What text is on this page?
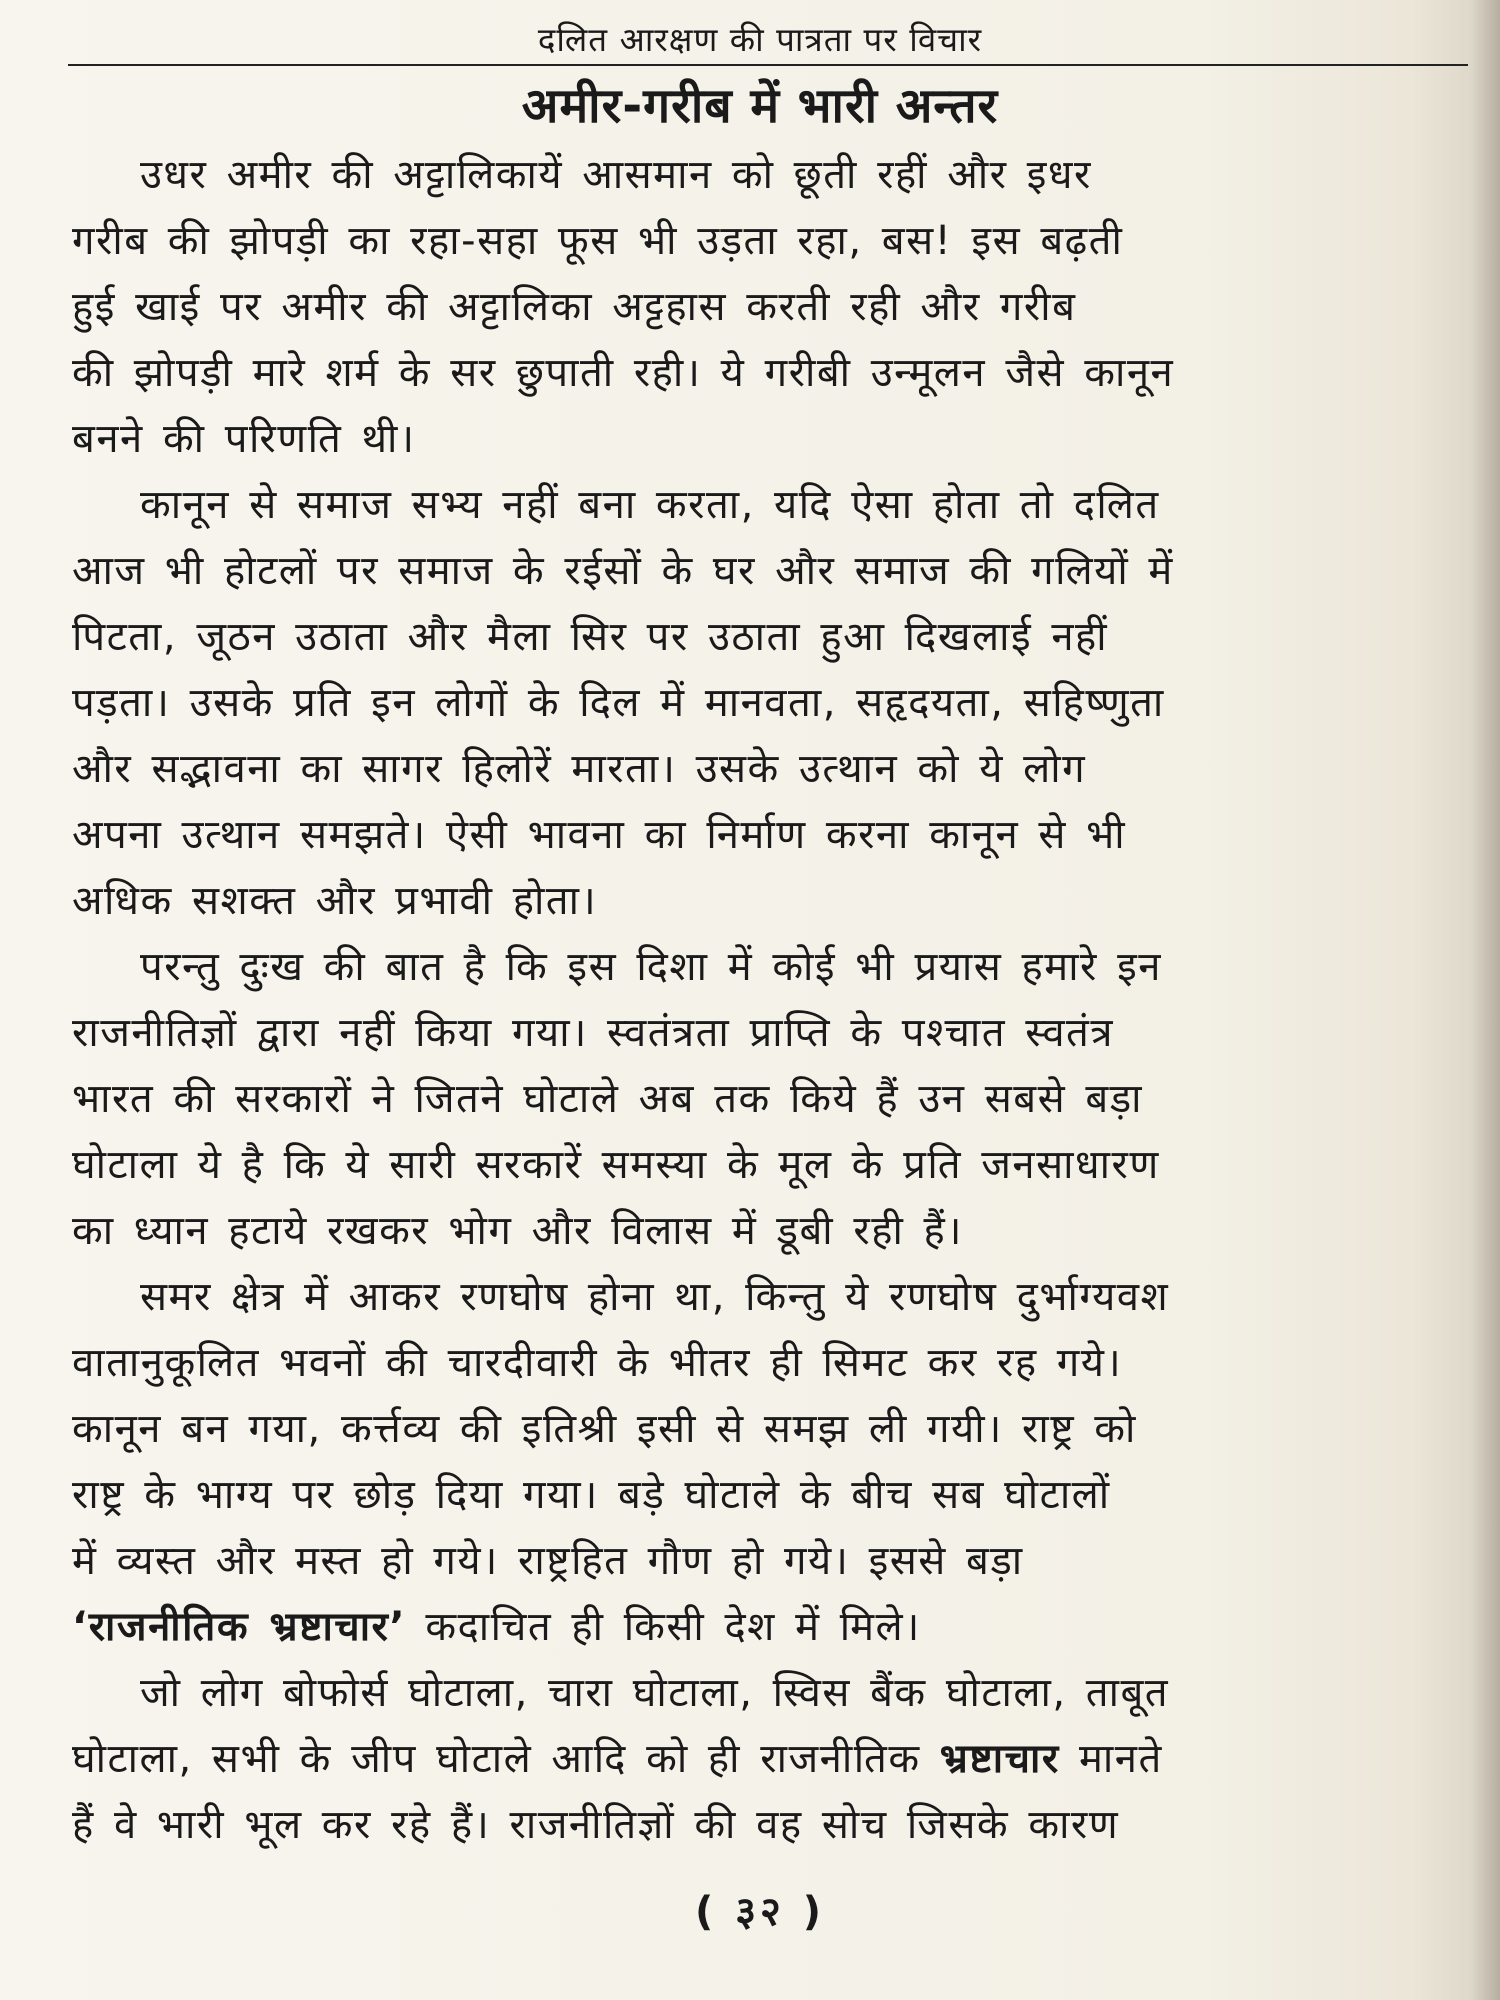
दलित आरक्षण की पात्रता पर विचार
अमीर-गरीब में भारी अन्तर
उधर अमीर की अट्टालिकायें आसमान को छूती रहीं और इधर
गरीब की झोपड़ी का रहा-सहा फूस भी उड़ता रहा, बस! इस बढ़ती
हुई खाई पर अमीर की अट्टालिका अट्टहास करती रही और गरीब
की झोपड़ी मारे शर्म के सर छुपाती रही। ये गरीबी उन्मूलन जैसे कानून
बनने की परिणति थी।
कानून से समाज सभ्य नहीं बना करता, यदि ऐसा होता तो दलित
आज भी होटलों पर समाज के रईसों के घर और समाज की गलियों में
पिटता, जूठन उठाता और मैला सिर पर उठाता हुआ दिखलाई नहीं
पड़ता। उसके प्रति इन लोगों के दिल में मानवता, सहृदयता, सहिष्णुता
और सद्भावना का सागर हिलोरें मारता। उसके उत्थान को ये लोग
अपना उत्थान समझते। ऐसी भावना का निर्माण करना कानून से भी
अधिक सशक्त और प्रभावी होता।
परन्तु दुःख की बात है कि इस दिशा में कोई भी प्रयास हमारे इन
राजनीतिज्ञों द्वारा नहीं किया गया। स्वतंत्रता प्राप्ति के पश्चात स्वतंत्र
भारत की सरकारों ने जितने घोटाले अब तक किये हैं उन सबसे बड़ा
घोटाला ये है कि ये सारी सरकारें समस्या के मूल के प्रति जनसाधारण
का ध्यान हटाये रखकर भोग और विलास में डूबी रही हैं।
समर क्षेत्र में आकर रणघोष होना था, किन्तु ये रणघोष दुर्भाग्यवश
वातानुकूलित भवनों की चारदीवारी के भीतर ही सिमट कर रह गये।
कानून बन गया, कर्त्तव्य की इतिश्री इसी से समझ ली गयी। राष्ट्र को
राष्ट्र के भाग्य पर छोड़ दिया गया। बड़े घोटाले के बीच सब घोटालों
में व्यस्त और मस्त हो गये। राष्ट्रहित गौण हो गये। इससे बड़ा
‘राजनीतिक भ्रष्टाचार’ कदाचित ही किसी देश में मिले।
जो लोग बोफोर्स घोटाला, चारा घोटाला, स्विस बैंक घोटाला, ताबूत
घोटाला, सभी के जीप घोटाले आदि को ही राजनीतिक भ्रष्टाचार मानते
हैं वे भारी भूल कर रहे हैं। राजनीतिज्ञों की वह सोच जिसके कारण
( ३२ )
